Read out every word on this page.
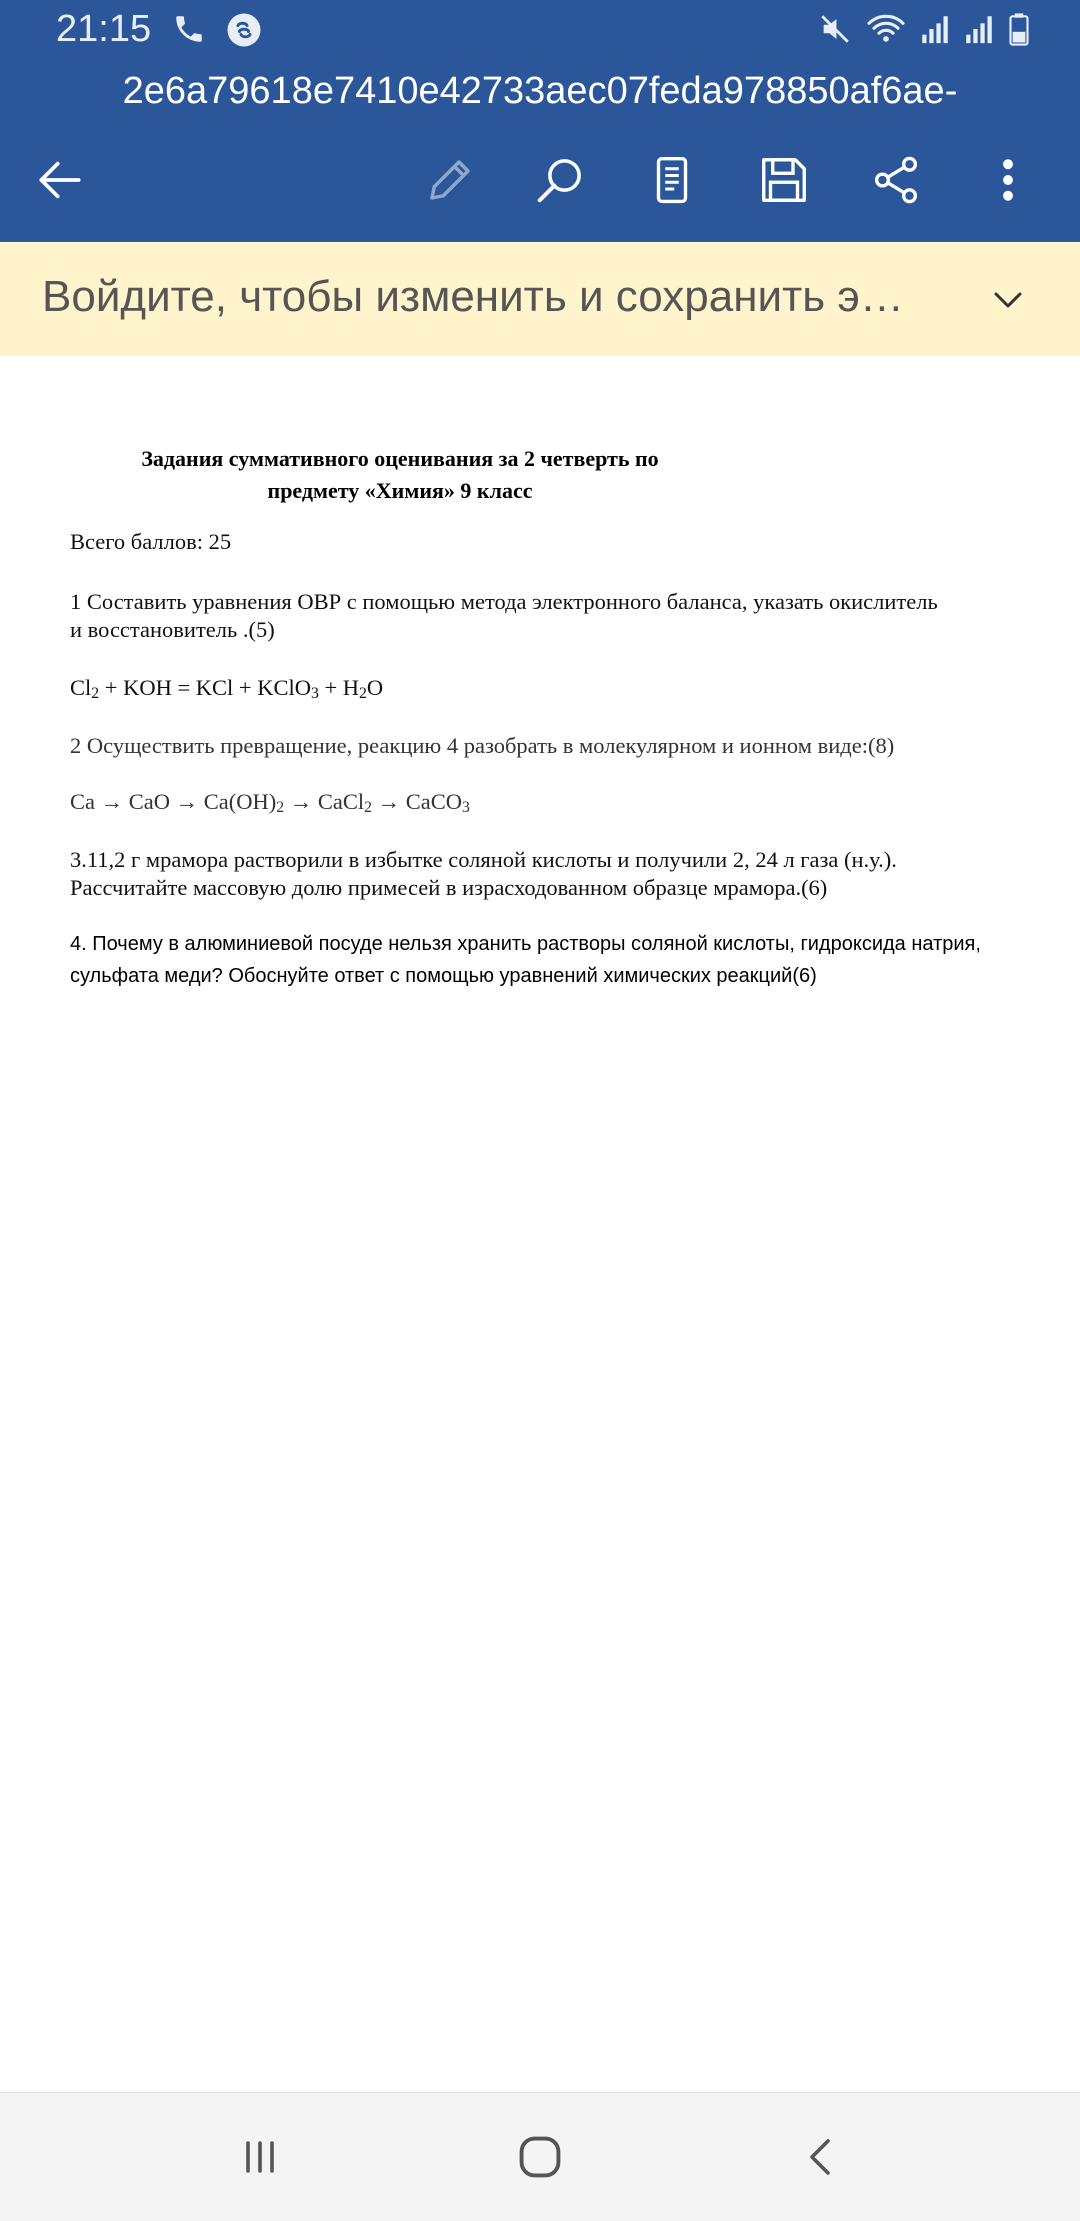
21:15
2e6a79618e7410e42733aec07feda978850af6ae-
Войдите, чтобы изменить и сохранить э…
Задания суммативного оценивания за 2 четверть по
предмету «Химия» 9 класс
Всего баллов: 25
1 Составить уравнения ОВР с помощью метода электронного баланса, указать окислитель
и восстановитель .(5)
$Cl_2$ + KOH = KCl + KClO$_3$ + $H_2O$
2 Осуществить превращение, реакцию 4 разобрать в молекулярном и ионном виде:(8)
Ca → CaO → $Ca(OH)_2$ → CaCl$_2$ → CaCO$_3$
3.11,2 г мрамора растворили в избытке соляной кислоты и получили 2, 24 л газа (н.у.).
Рассчитайте массовую долю примесей в израсходованном образце мрамора.(6)
4. Почему в алюминиевой посуде нельзя хранить растворы соляной кислоты, гидроксида натрия,
сульфата меди? Обоснуйте ответ с помощью уравнений химических реакций(6)
